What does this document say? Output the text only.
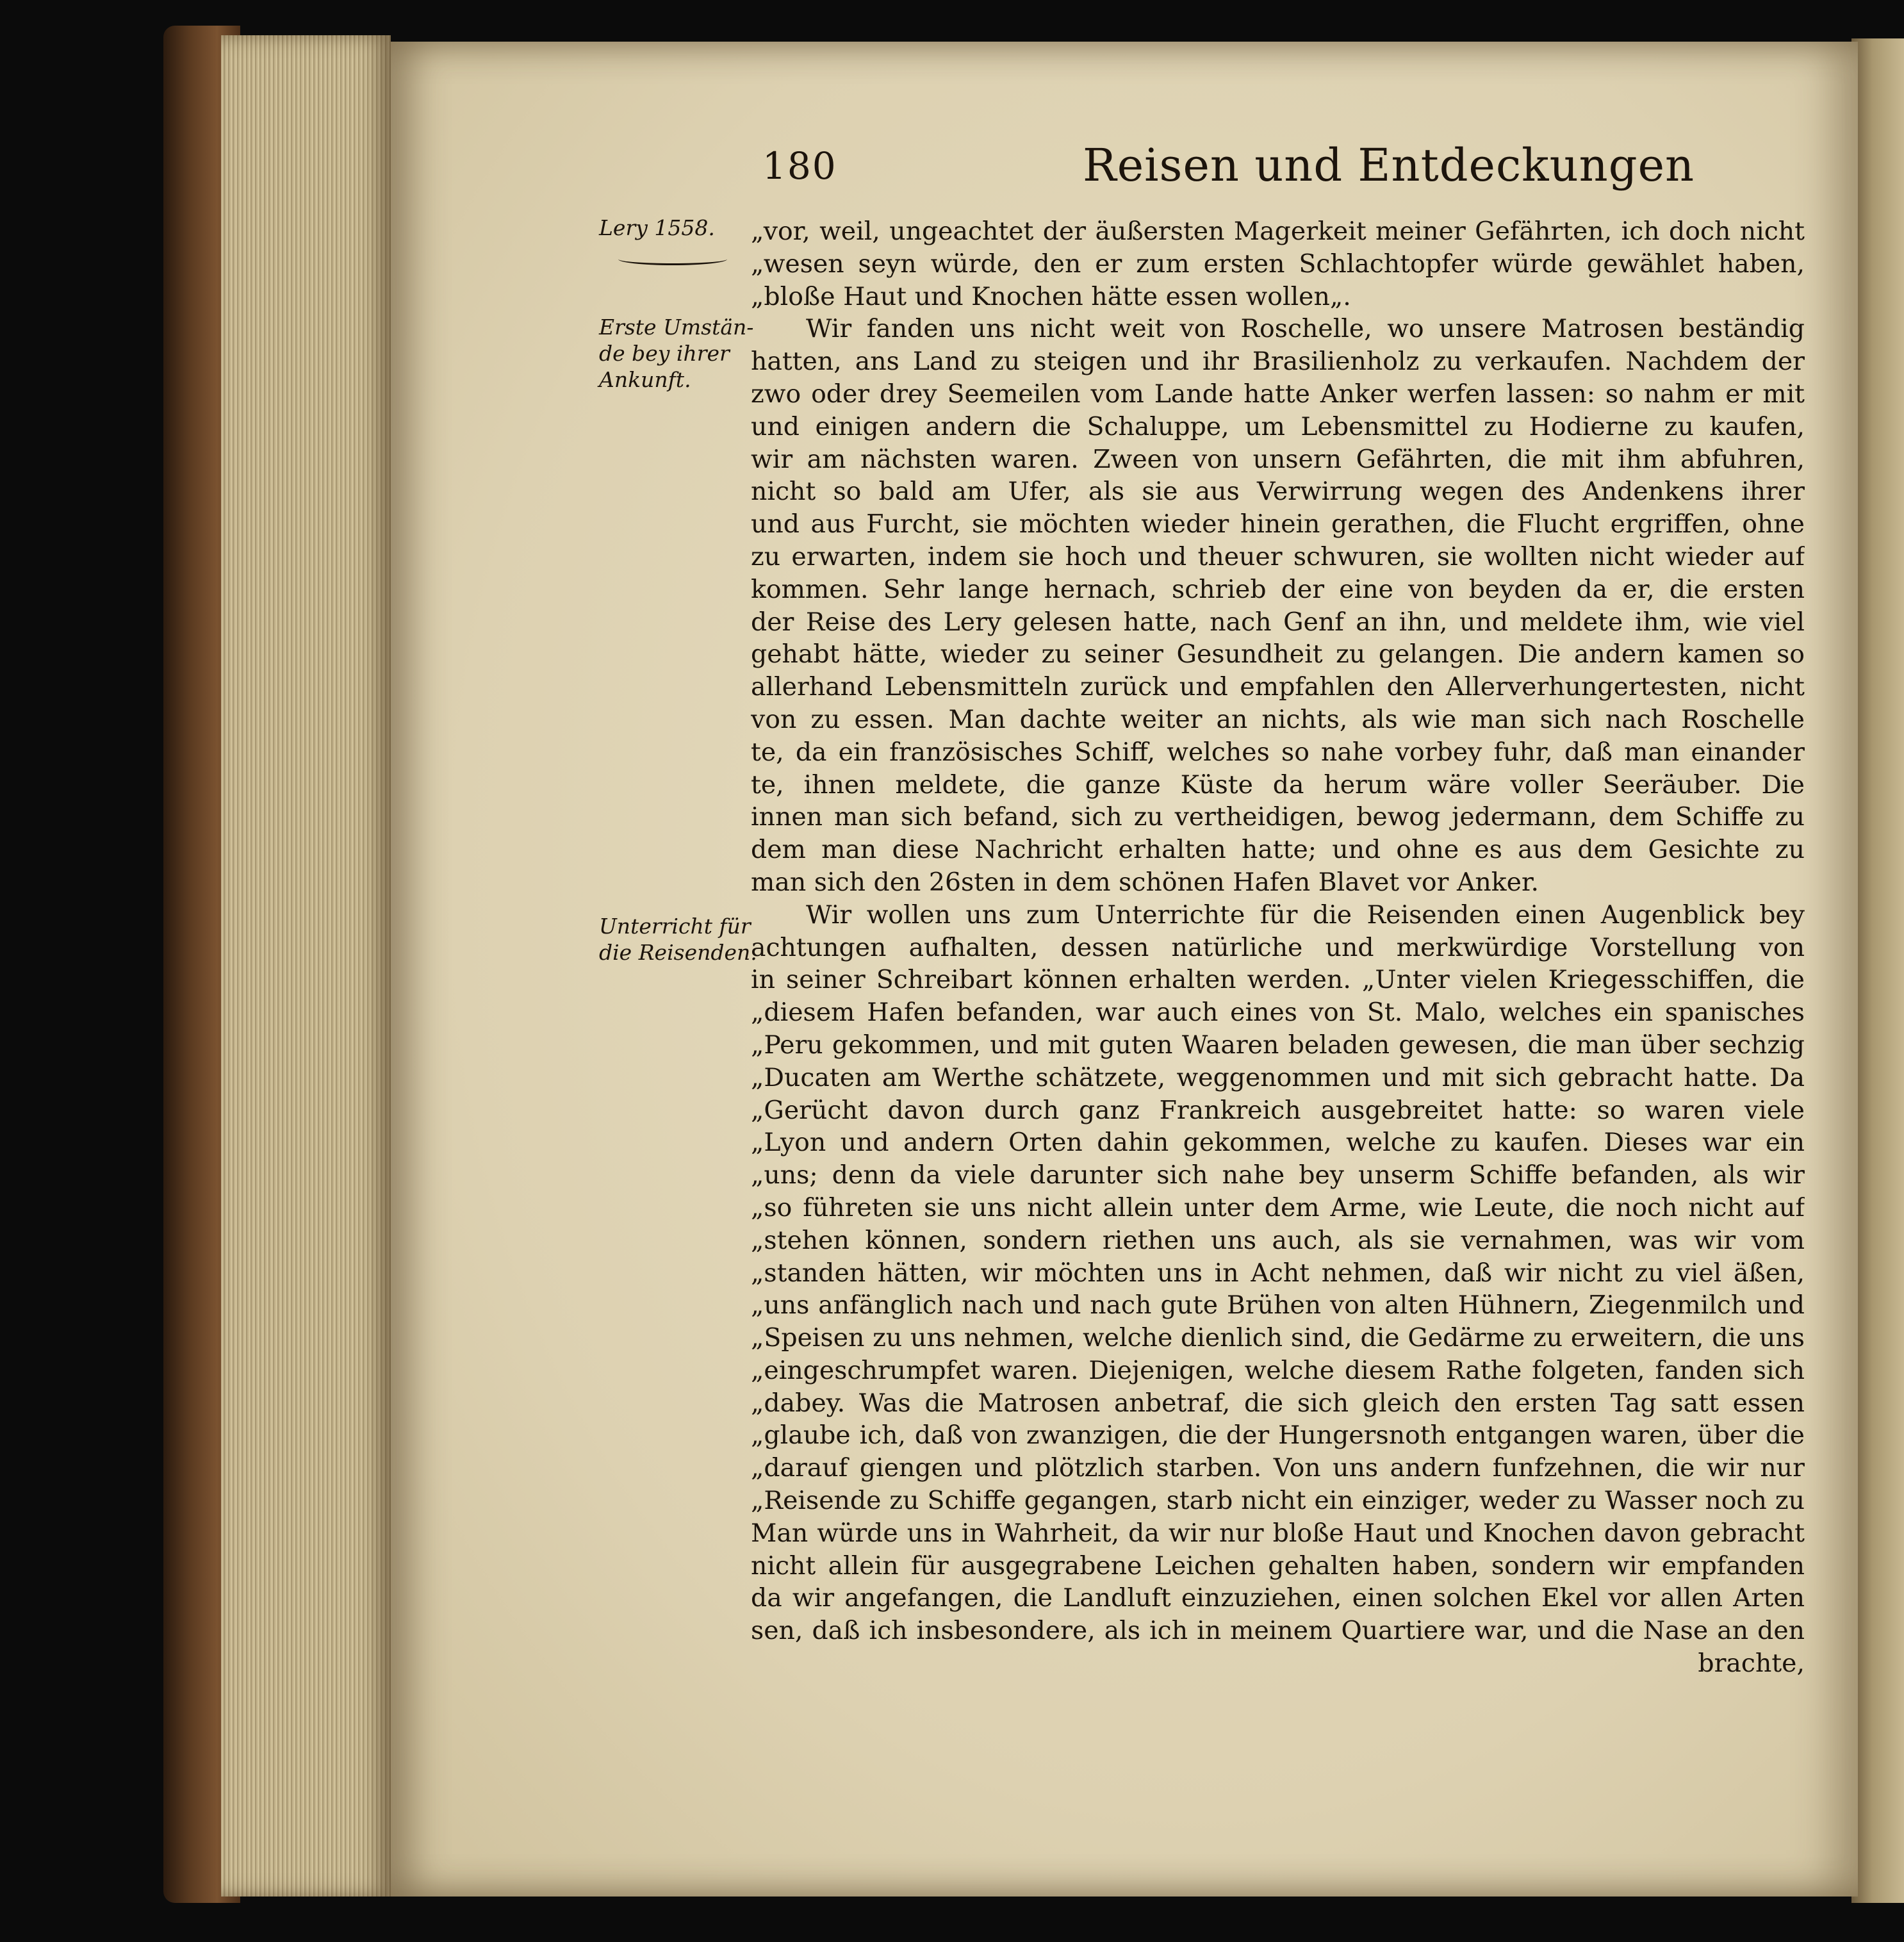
180	Reisen und Entdeckungen
Lery 1558.
Erste Umstän- de bey ihrer Ankunft.
Unterricht für die Reisenden.
„vor, weil, ungeachtet der äußersten Magerkeit meiner Gefährten, ich doch nicht
„wesen seyn würde, den er zum ersten Schlachtopfer würde gewählet haben,
„bloße Haut und Knochen hätte essen wollen„.
Wir fanden uns nicht weit von Roschelle, wo unsere Matrosen beständig
hatten, ans Land zu steigen und ihr Brasilienholz zu verkaufen. Nachdem der
zwo oder drey Seemeilen vom Lande hatte Anker werfen lassen: so nahm er mit
und einigen andern die Schaluppe, um Lebensmittel zu Hodierne zu kaufen,
wir am nächsten waren. Zween von unsern Gefährten, die mit ihm abfuhren,
nicht so bald am Ufer, als sie aus Verwirrung wegen des Andenkens ihrer
und aus Furcht, sie möchten wieder hinein gerathen, die Flucht ergriffen, ohne
zu erwarten, indem sie hoch und theuer schwuren, sie wollten nicht wieder auf
kommen. Sehr lange hernach, schrieb der eine von beyden da er, die ersten
der Reise des Lery gelesen hatte, nach Genf an ihn, und meldete ihm, wie viel
gehabt hätte, wieder zu seiner Gesundheit zu gelangen. Die andern kamen so
allerhand Lebensmitteln zurück und empfahlen den Allerverhungertesten, nicht
von zu essen. Man dachte weiter an nichts, als wie man sich nach Roschelle
te, da ein französisches Schiff, welches so nahe vorbey fuhr, daß man einander
te, ihnen meldete, die ganze Küste da herum wäre voller Seeräuber. Die
innen man sich befand, sich zu vertheidigen, bewog jedermann, dem Schiffe zu
dem man diese Nachricht erhalten hatte; und ohne es aus dem Gesichte zu
man sich den 26sten in dem schönen Hafen Blavet vor Anker.
Wir wollen uns zum Unterrichte für die Reisenden einen Augenblick bey
achtungen aufhalten, dessen natürliche und merkwürdige Vorstellung von
in seiner Schreibart können erhalten werden. „Unter vielen Kriegesschiffen, die
„diesem Hafen befanden, war auch eines von St. Malo, welches ein spanisches
„Peru gekommen, und mit guten Waaren beladen gewesen, die man über sechzig
„Ducaten am Werthe schätzete, weggenommen und mit sich gebracht hatte. Da
„Gerücht davon durch ganz Frankreich ausgebreitet hatte: so waren viele
„Lyon und andern Orten dahin gekommen, welche zu kaufen. Dieses war ein
„uns; denn da viele darunter sich nahe bey unserm Schiffe befanden, als wir
„so führeten sie uns nicht allein unter dem Arme, wie Leute, die noch nicht auf
„stehen können, sondern riethen uns auch, als sie vernahmen, was wir vom
„standen hätten, wir möchten uns in Acht nehmen, daß wir nicht zu viel äßen,
„uns anfänglich nach und nach gute Brühen von alten Hühnern, Ziegenmilch und
„Speisen zu uns nehmen, welche dienlich sind, die Gedärme zu erweitern, die uns
„eingeschrumpfet waren. Diejenigen, welche diesem Rathe folgeten, fanden sich
„dabey. Was die Matrosen anbetraf, die sich gleich den ersten Tag satt essen
„glaube ich, daß von zwanzigen, die der Hungersnoth entgangen waren, über die
„darauf giengen und plötzlich starben. Von uns andern funfzehnen, die wir nur
„Reisende zu Schiffe gegangen, starb nicht ein einziger, weder zu Wasser noch zu
Man würde uns in Wahrheit, da wir nur bloße Haut und Knochen davon gebracht
nicht allein für ausgegrabene Leichen gehalten haben, sondern wir empfanden
da wir angefangen, die Landluft einzuziehen, einen solchen Ekel vor allen Arten
sen, daß ich insbesondere, als ich in meinem Quartiere war, und die Nase an den
brachte,
